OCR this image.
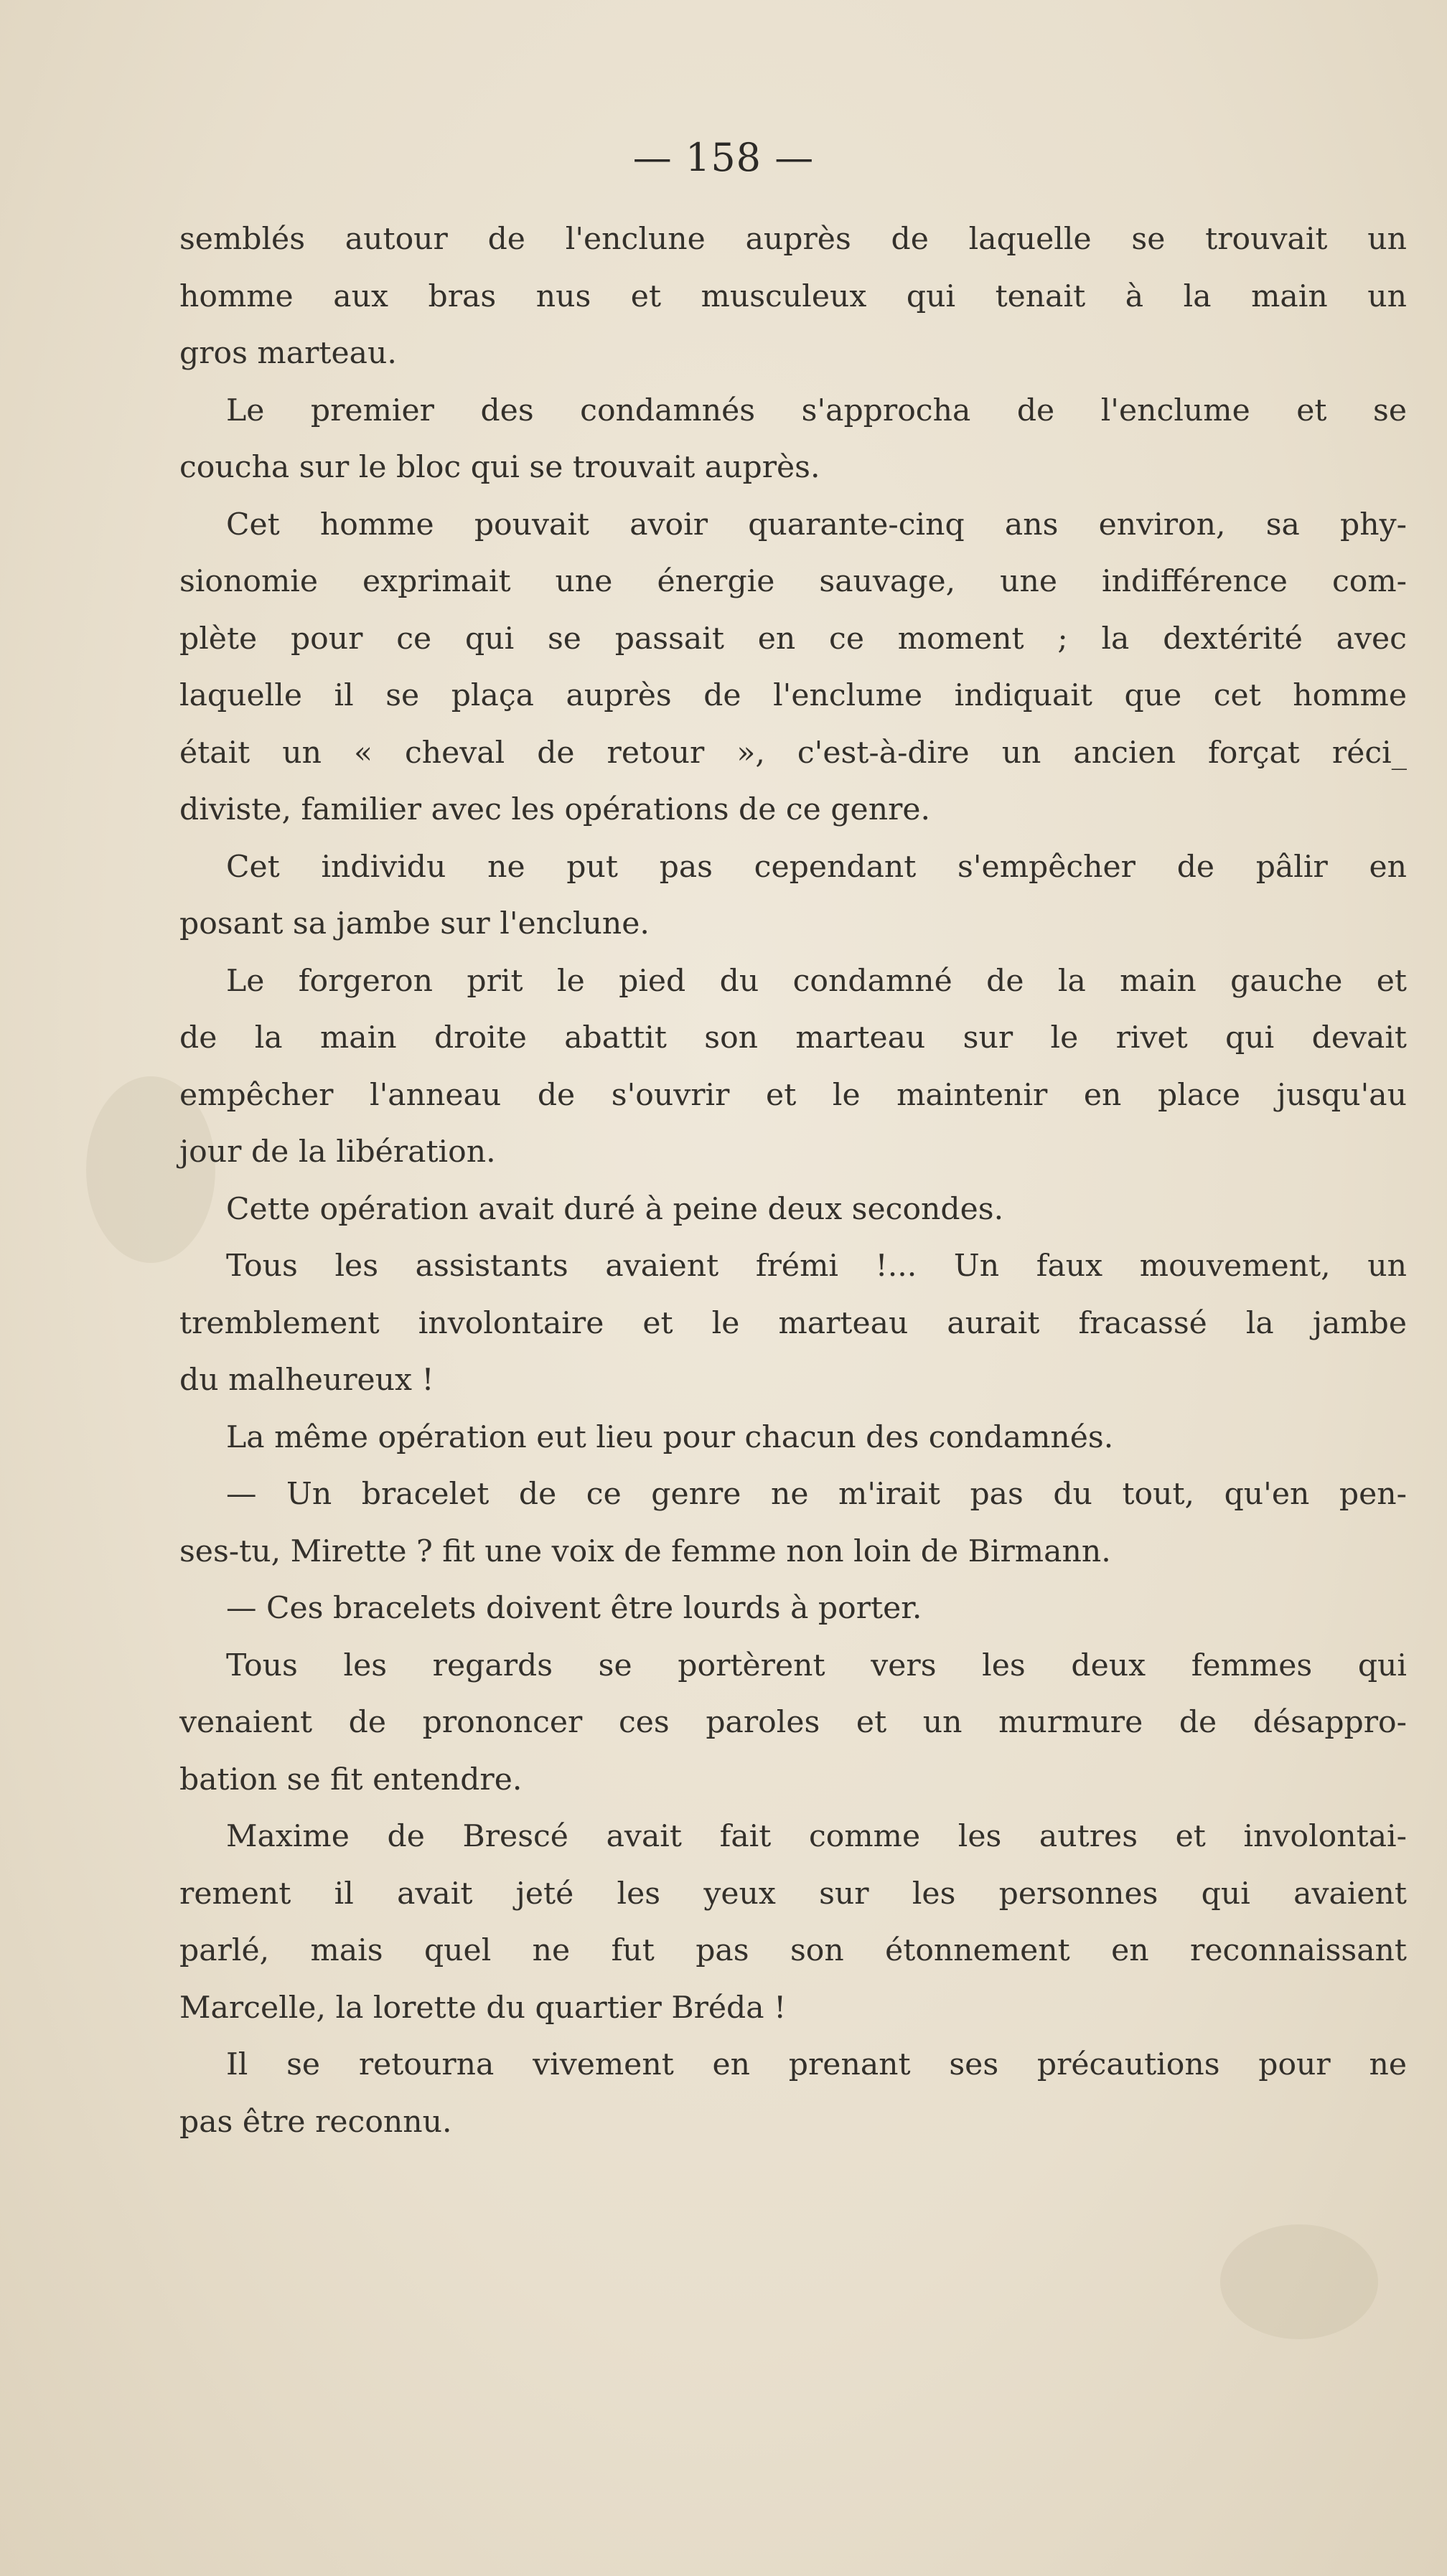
— 158 —
semblés autour de l'enclune auprès de laquelle se trouvait un
homme aux bras nus et musculeux qui tenait à la main un
gros marteau.
Le premier des condamnés s'approcha de l'enclume et se
coucha sur le bloc qui se trouvait auprès.
Cet homme pouvait avoir quarante-cinq ans environ, sa phy-
sionomie exprimait une énergie sauvage, une indifférence com-
plète pour ce qui se passait en ce moment ; la dextérité avec
laquelle il se plaça auprès de l'enclume indiquait que cet homme
était un « cheval de retour », c'est-à-dire un ancien forçat réci_
diviste, familier avec les opérations de ce genre.
Cet individu ne put pas cependant s'empêcher de pâlir en
posant sa jambe sur l'enclune.
Le forgeron prit le pied du condamné de la main gauche et
de la main droite abattit son marteau sur le rivet qui devait
empêcher l'anneau de s'ouvrir et le maintenir en place jusqu'au
jour de la libération.
Cette opération avait duré à peine deux secondes.
Tous les assistants avaient frémi !... Un faux mouvement, un
tremblement involontaire et le marteau aurait fracassé la jambe
du malheureux !
La même opération eut lieu pour chacun des condamnés.
— Un bracelet de ce genre ne m'irait pas du tout, qu'en pen-
ses-tu, Mirette ? fit une voix de femme non loin de Birmann.
— Ces bracelets doivent être lourds à porter.
Tous les regards se portèrent vers les deux femmes qui
venaient de prononcer ces paroles et un murmure de désappro-
bation se fit entendre.
Maxime de Brescé avait fait comme les autres et involontai-
rement il avait jeté les yeux sur les personnes qui avaient
parlé, mais quel ne fut pas son étonnement en reconnaissant
Marcelle, la lorette du quartier Bréda !
Il se retourna vivement en prenant ses précautions pour ne
pas être reconnu.
